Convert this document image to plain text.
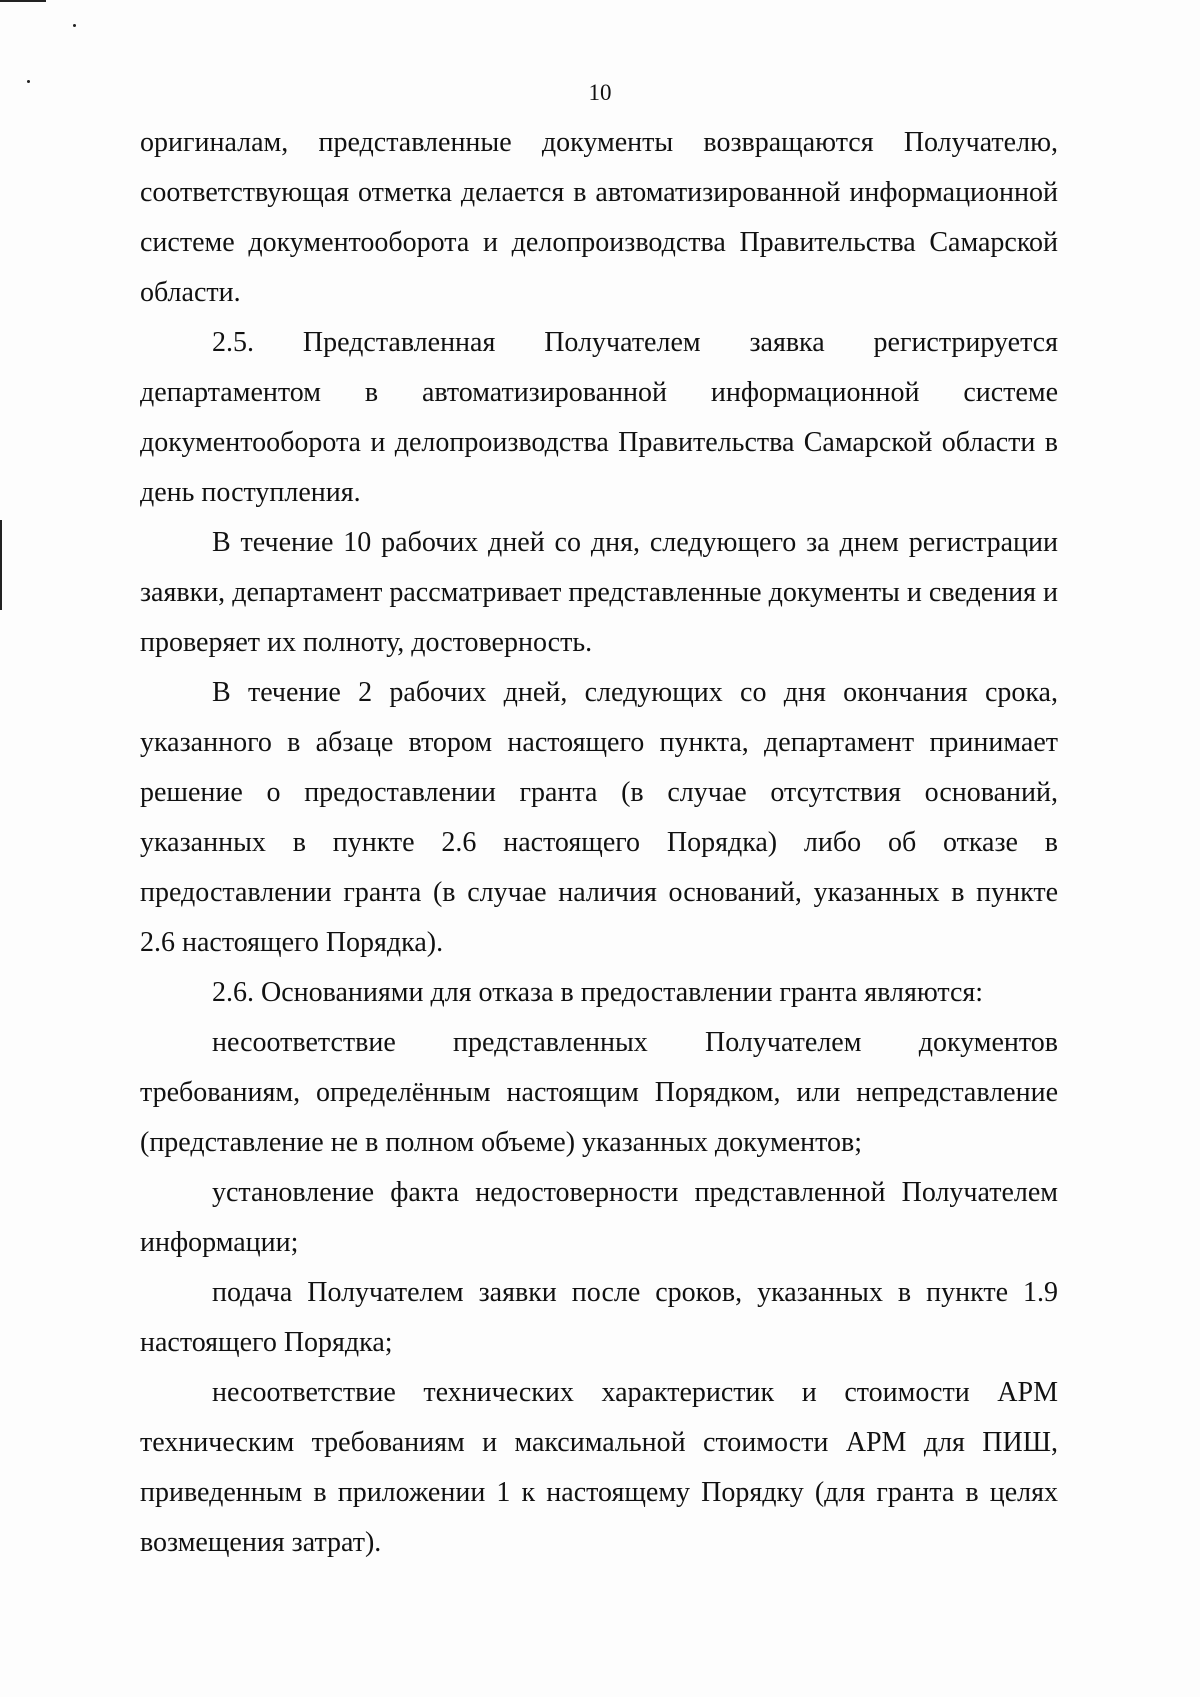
10

оригиналам, представленные документы возвращаются Получателю, соответствующая отметка делается в автоматизированной информационной системе документооборота и делопроизводства Правительства Самарской области.

2.5. Представленная Получателем заявка регистрируется департаментом в автоматизированной информационной системе документооборота и делопроизводства Правительства Самарской области в день поступления.

В течение 10 рабочих дней со дня, следующего за днем регистрации заявки, департамент рассматривает представленные документы и сведения и проверяет их полноту, достоверность.

В течение 2 рабочих дней, следующих со дня окончания срока, указанного в абзаце втором настоящего пункта, департамент принимает решение о предоставлении гранта (в случае отсутствия оснований, указанных в пункте 2.6 настоящего Порядка) либо об отказе в предоставлении гранта (в случае наличия оснований, указанных в пункте 2.6 настоящего Порядка).

2.6. Основаниями для отказа в предоставлении гранта являются:

несоответствие представленных Получателем документов требованиям, определённым настоящим Порядком, или непредставление (представление не в полном объеме) указанных документов;

установление факта недостоверности представленной Получателем информации;

подача Получателем заявки после сроков, указанных в пункте 1.9 настоящего Порядка;

несоответствие технических характеристик и стоимости АРМ техническим требованиям и максимальной стоимости АРМ для ПИШ, приведенным в приложении 1 к настоящему Порядку (для гранта в целях возмещения затрат).
